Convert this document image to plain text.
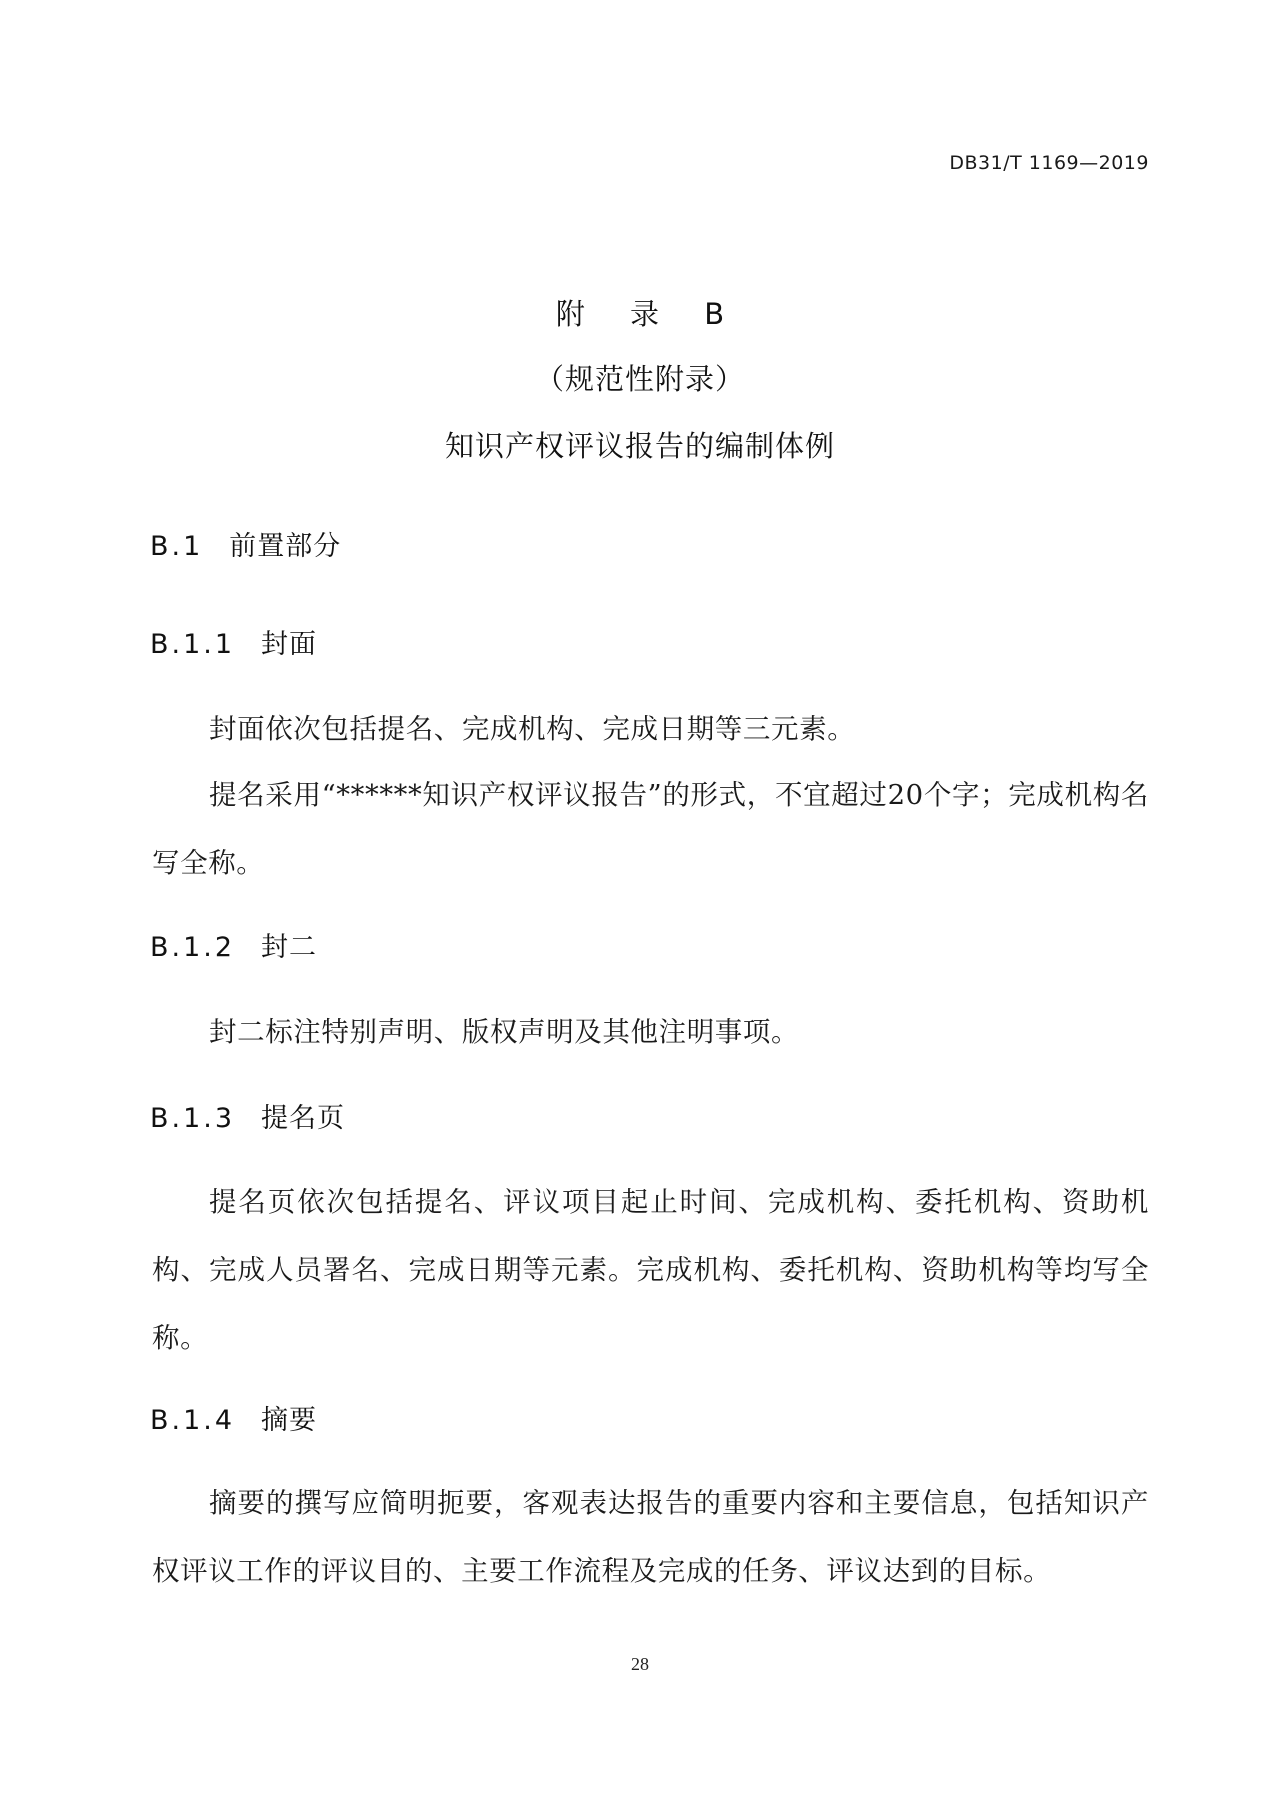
DB31/T 1169—2019
附 录 B
（规范性附录）
知识产权评议报告的编制体例
B.1 前置部分
B.1.1 封面

封面依次包括提名、完成机构、完成日期等三元素。

提名采用“******知识产权评议报告”的形式，不宜超过20个字；完成机构名写全称。

B.1.2 封二

封二标注特别声明、版权声明及其他注明事项。

B.1.3 提名页

提名页依次包括提名、评议项目起止时间、完成机构、委托机构、资助机构、完成人员署名、完成日期等元素。完成机构、委托机构、资助机构等均写全称。

B.1.4 摘要

摘要的撰写应简明扼要，客观表达报告的重要内容和主要信息，包括知识产权评议工作的评议目的、主要工作流程及完成的任务、评议达到的目标。

28
